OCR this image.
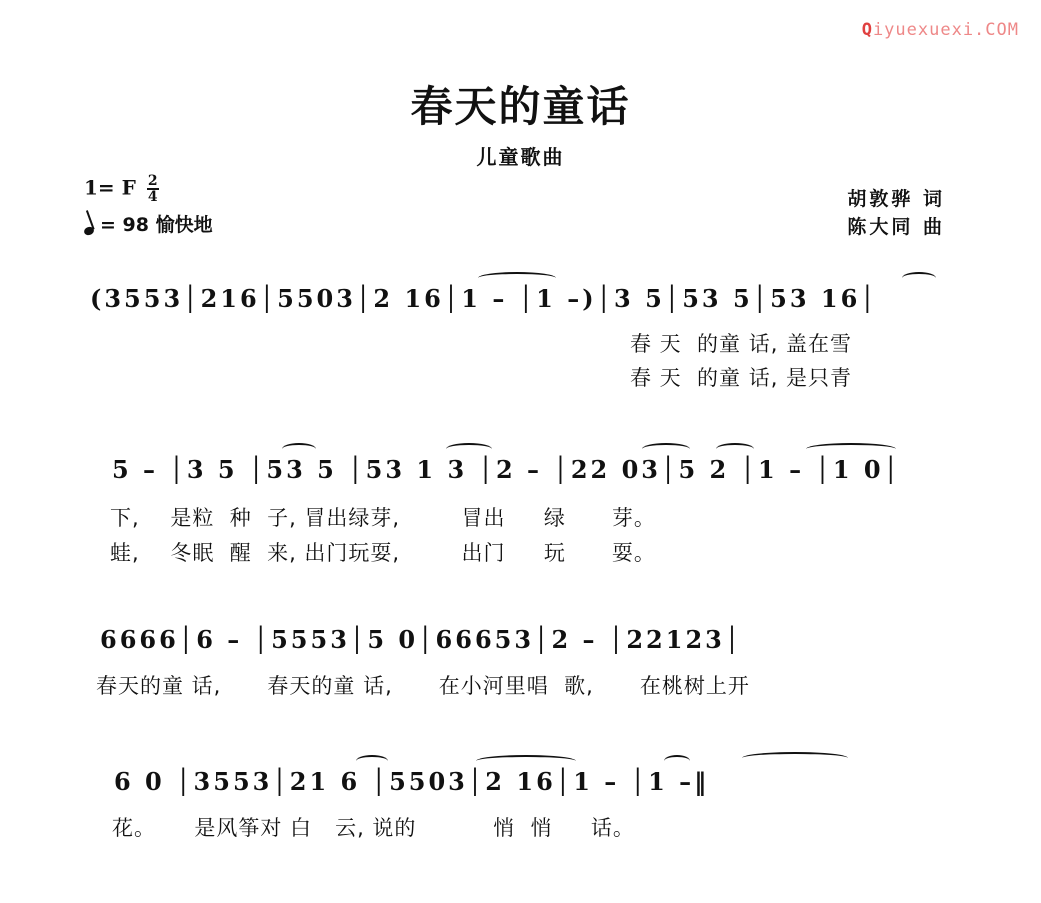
Qiyuexuexi.COM
春天的童话
儿童歌曲
1= F $\frac{2}{4}$
= 98 愉快地
胡敦骅 词
陈大同 曲
(3553│216│5503│2 16│1 – │1 –)│3 5│53 5│53 16│
春 天  的童 话, 盖在雪
春 天  的童 话, 是只青
5 – │3 5 │53 5 │53 1 3 │2 – │22 03│5 2 │1 – │1 0│
下,    是粒  种  子, 冒出绿芽,        冒出     绿      芽。
蛙,    冬眠  醒  来, 出门玩耍,        出门     玩      耍。
6666│6 – │5553│5 0│66653│2 – │22123│
春天的童 话,      春天的童 话,      在小河里唱  歌,      在桃树上开
6 0 │3553│21 6 │5503│2 16│1 – │1 –‖
花。     是风筝对 白   云, 说的          悄  悄     话。
